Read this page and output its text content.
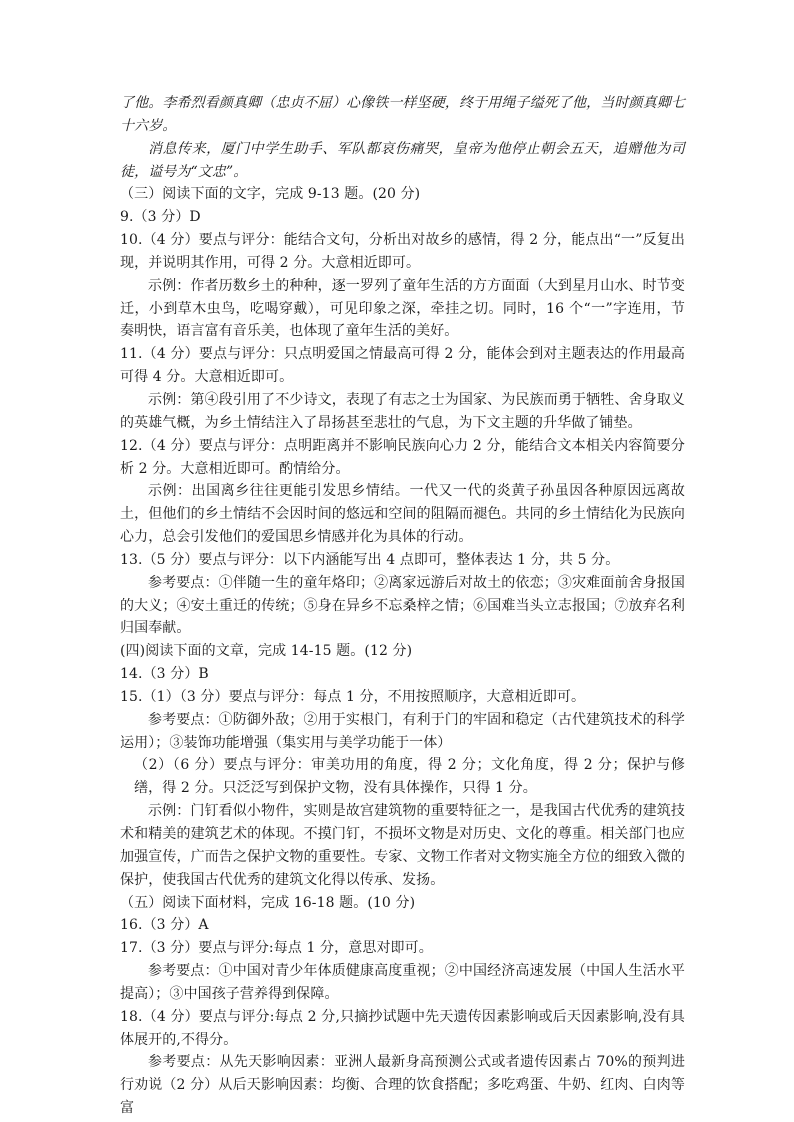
了他。李希烈看颜真卿（忠贞不屈）心像铁一样坚硬，终于用绳子缢死了他，当时颜真卿七十六岁。

消息传来，厦门中学生助手、军队都哀伤痛哭，皇帝为他停止朝会五天，追赠他为司徒，谥号为“文忠”。

（三）阅读下面的文字，完成 9-13 题。(20 分)

9.（3 分）D

10.（4 分）要点与评分：能结合文句，分析出对故乡的感情，得 2 分，能点出“一”反复出现，并说明其作用，可得 2 分。大意相近即可。

示例：作者历数乡土的种种，逐一罗列了童年生活的方方面面（大到星月山水、时节变迁，小到草木虫鸟，吃喝穿戴），可见印象之深，牵挂之切。同时，16 个“一”字连用，节奏明快，语言富有音乐美，也体现了童年生活的美好。

11.（4 分）要点与评分：只点明爱国之情最高可得 2 分，能体会到对主题表达的作用最高可得 4 分。大意相近即可。

示例：第④段引用了不少诗文，表现了有志之士为国家、为民族而勇于牺牲、舍身取义的英雄气概，为乡土情结注入了昂扬甚至悲壮的气息，为下文主题的升华做了铺垫。

12.（4 分）要点与评分：点明距离并不影响民族向心力 2 分，能结合文本相关内容简要分析 2 分。大意相近即可。酌情给分。

示例：出国离乡往往更能引发思乡情结。一代又一代的炎黄子孙虽因各种原因远离故土，但他们的乡土情结不会因时间的悠远和空间的阻隔而褪色。共同的乡土情结化为民族向心力，总会引发他们的爱国思乡情感并化为具体的行动。

13.（5 分）要点与评分：以下内涵能写出 4 点即可，整体表达 1 分，共 5 分。

参考要点：①伴随一生的童年烙印；②离家远游后对故土的依恋；③灾难面前舍身报国的大义；④安土重迁的传统；⑤身在异乡不忘桑梓之情；⑥国难当头立志报国；⑦放弃名利归国奉献。

(四)阅读下面的文章，完成 14-15 题。(12 分)

14.（3 分）B

15.（1）（3 分）要点与评分：每点 1 分，不用按照顺序，大意相近即可。

参考要点：①防御外敌；②用于实根门，有利于门的牢固和稳定（古代建筑技术的科学运用）；③装饰功能增强（集实用与美学功能于一体）

（2）（6 分）要点与评分：审美功用的角度，得 2 分；文化角度，得 2 分；保护与修缮，得 2 分。只泛泛写到保护文物，没有具体操作，只得 1 分。

示例：门钉看似小物件，实则是故宫建筑物的重要特征之一，是我国古代优秀的建筑技术和精美的建筑艺术的体现。不摸门钉，不损坏文物是对历史、文化的尊重。相关部门也应加强宣传，广而告之保护文物的重要性。专家、文物工作者对文物实施全方位的细致入微的保护，使我国古代优秀的建筑文化得以传承、发扬。

（五）阅读下面材料，完成 16-18 题。(10 分)

16.（3 分）A

17.（3 分）要点与评分:每点 1 分，意思对即可。

参考要点：①中国对青少年体质健康高度重视；②中国经济高速发展（中国人生活水平提高）；③中国孩子营养得到保障。

18.（4 分）要点与评分:每点 2 分,只摘抄试题中先天遗传因素影响或后天因素影响,没有具体展开的,不得分。

参考要点：从先天影响因素：亚洲人最新身高预测公式或者遗传因素占 70%的预判进行劝说（2 分）从后天影响因素：均衡、合理的饮食搭配；多吃鸡蛋、牛奶、红肉、白肉等富
